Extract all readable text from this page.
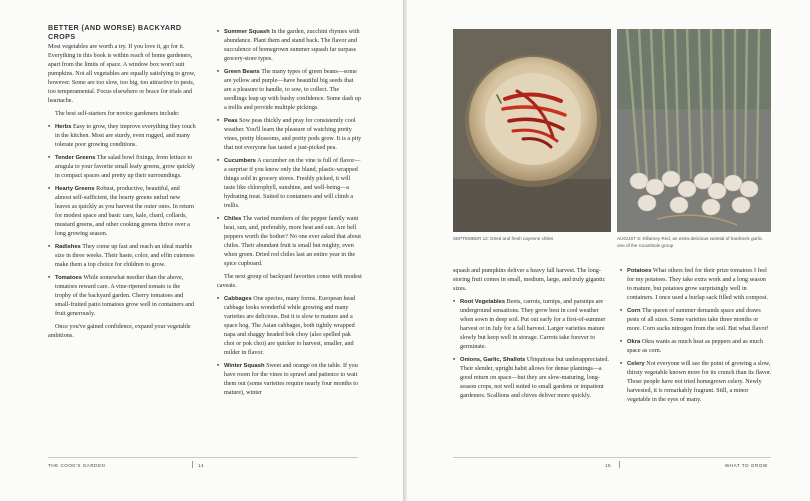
BETTER (AND WORSE) BACKYARD CROPS

Most vegetables are worth a try. If you love it, go for it. Everything in this book is within reach of home gardeners, apart from the limits of space. A window box won't suit pumpkins. Not all vegetables are equally satisfying to grow, however. Some are too slow, too big, too attractive to pests, too temperamental. Focus elsewhere or brace for trials and heartache.

The best self-starters for novice gardeners include:

• Herbs Easy to grow, they improve everything they touch in the kitchen. Most are sturdy, even rugged, and many tolerate poor growing conditions.
• Tender Greens The salad bowl fixings, from lettuce to arugula to your favorite small leafy greens, grow quickly in compact spaces and pretty up their surroundings.
• Hearty Greens Robust, productive, beautiful, and almost self-sufficient, the hearty greens unfurl new leaves as quickly as you harvest the outer ones. In return for modest space and basic care, kale, chard, collards, mustard greens, and other cooking greens thrive over a long growing season.
• Radishes They come up fast and reach an ideal marble size in three weeks. Their haste, color, and elfin cuteness make them a top choice for children to grow.
• Tomatoes While somewhat needier than the above, tomatoes reward care. A vine-ripened tomato is the trophy of the backyard garden. Cherry tomatoes and small-fruited patio tomatoes grow well in containers and fruit generously.

Once you've gained confidence, expand your vegetable ambitions.

• Summer Squash In the garden, zucchini rhymes with abundance. Plant them and stand back. The flavor and succulence of homegrown summer squash far surpass grocery-store types.
• Green Beans The many types of green beans—some are yellow and purple—have beautiful big seeds that are a pleasure to handle, to sow, to collect. The seedlings leap up with bushy confidence. Some dash up a trellis and provide multiple pickings.
• Peas Sow peas thickly and pray for consistently cool weather. You'll learn the pleasure of watching pretty vines, pretty blossoms, and pretty pods grow. It is a pity that not everyone has tasted a just-picked pea.
• Cucumbers A cucumber on the vine is full of flavor—a surprise if you know only the bland, plastic-wrapped things sold in grocery stores. Freshly picked, it will taste like chlorophyll, sunshine, and well-being—a hydrating treat. Suited to containers and will climb a trellis.
• Chiles The varied members of the pepper family want heat, sun, and, preferably, more heat and sun. Are bell peppers worth the bother? No one ever asked that about chiles. Their abundant fruit is small but mighty, even when green. Dried red chiles last an entire year in the spice cupboard.

The next group of backyard favorites come with modest caveats.

• Cabbages One species, many forms. European head cabbage looks wonderful while growing and many varieties are delicious. But it is slow to mature and a space hog. The Asian cabbages, both tightly wrapped napa and shaggy headed bok choy (also spelled pak choi or pok choi) are quicker to harvest, smaller, and milder in flavor.
• Winter Squash Sweet and orange on the table. If you have room for the vines to sprawl and patience to wait them out (some varieties require nearly four months to mature), winter
THE COOK'S GARDEN	14
SEPTEMBER 12: Dried and fresh cayenne chiles	AUGUST 6: Killarney Red, an extra-delicious varietal of hardneck garlic, one of the rocambole group

squash and pumpkins deliver a heavy fall harvest. The long-storing fruit comes in small, medium, large, and truly gigantic sizes.

• Root Vegetables Beets, carrots, turnips, and parsnips are underground sensations. They grow best in cool weather when sown in deep soil. Put out early for a first-of-summer harvest or in July for a fall harvest. Larger varieties mature slowly but keep well in storage. Carrots take forever to germinate.
• Onions, Garlic, Shallots Ubiquitous but underappreciated. Their slender, upright habit allows for dense plantings—a good return on space—but they are slow-maturing, long-season crops, not well suited to small gardens or impatient gardeners. Scallions and chives deliver more quickly.
• Potatoes What others feel for their prize tomatoes I feel for my potatoes. They take extra work and a long season to mature, but potatoes grow surprisingly well in containers. I once used a burlap sack filled with compost.
• Corn The queen of summer demands space and draws pests of all sizes. Some varieties take three months or more. Corn sucks nitrogen from the soil. But what flavor!
• Okra Okra wants as much heat as peppers and as much space as corn.
• Celery Not everyone will see the point of growing a slow, thirsty vegetable known more for its crunch than its flavor. Those people have not tried homegrown celery. Newly harvested, it is remarkably fragrant. Still, a minor vegetable in the eyes of many.
15	WHAT TO GROW
